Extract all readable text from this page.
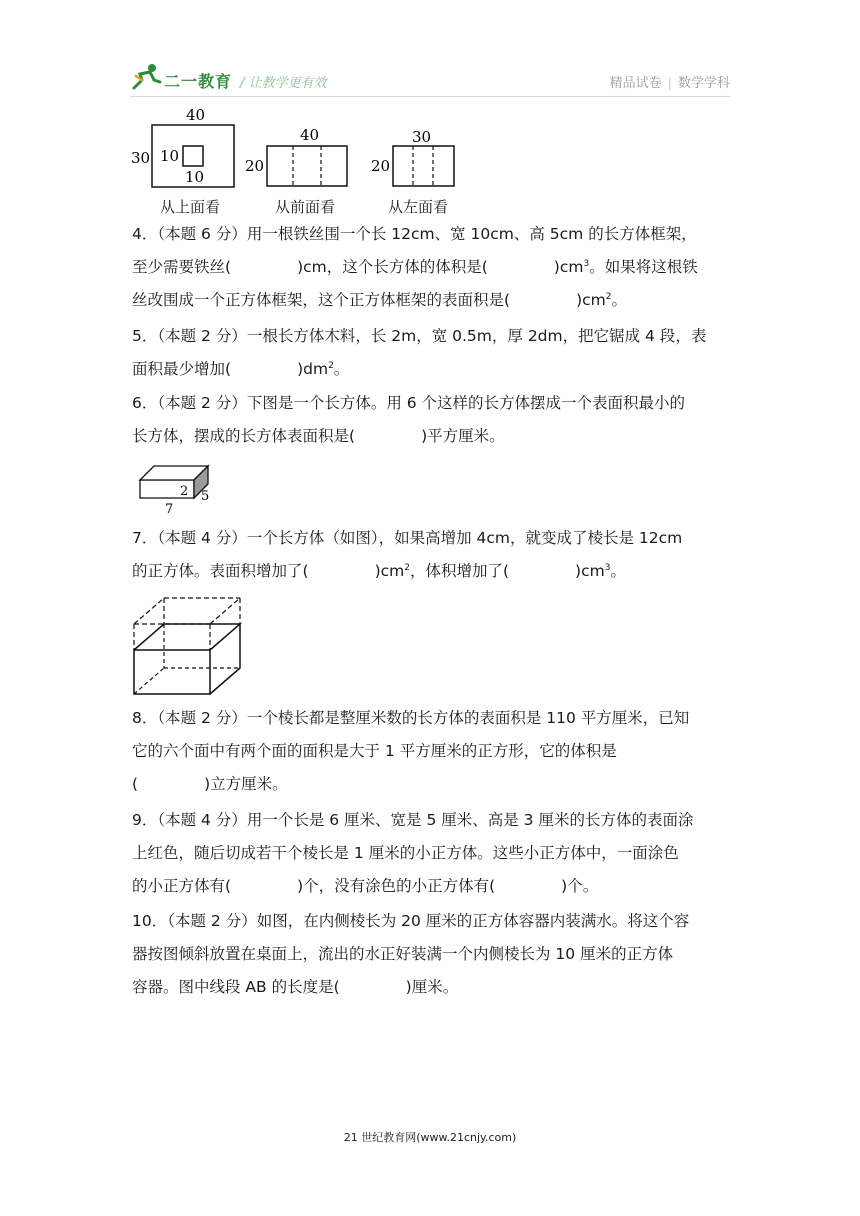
二一教育 / 让教学更有效	精品试卷 | 数学学科
40
30 10
10
40
20
30
20
从上面看	从前面看	从左面看

4．（本题 6 分）用一根铁丝围一个长 12cm、宽 10cm、高 5cm 的长方体框架，

至少需要铁丝(	)cm，这个长方体的体积是(	)$cm^3$。如果将这根铁

丝改围成一个正方体框架，这个正方体框架的表面积是(	)$cm^2$。

5．（本题 2 分）一根长方体木料，长 2m，宽 0.5m，厚 2dm，把它锯成 4 段，表

面积最少增加(	)$dm^2$。

6．（本题 2 分）下图是一个长方体。用 6 个这样的长方体摆成一个表面积最小的

长方体，摆成的长方体表面积是(	)平方厘米。

2 5
7

7．（本题 4 分）一个长方体（如图），如果高增加 4cm，就变成了棱长是 12cm

的正方体。表面积增加了(	)$cm^2$，体积增加了(	)$cm^3$。

8．（本题 2 分）一个棱长都是整厘米数的长方体的表面积是 110 平方厘米，已知

它的六个面中有两个面的面积是大于 1 平方厘米的正方形，它的体积是

(	)立方厘米。

9．（本题 4 分）用一个长是 6 厘米、宽是 5 厘米、高是 3 厘米的长方体的表面涂

上红色，随后切成若干个棱长是 1 厘米的小正方体。这些小正方体中，一面涂色

的小正方体有(	)个，没有涂色的小正方体有(	)个。

10．（本题 2 分）如图，在内侧棱长为 20 厘米的正方体容器内装满水。将这个容

器按图倾斜放置在桌面上，流出的水正好装满一个内侧棱长为 10 厘米的正方体

容器。图中线段 AB 的长度是(	)厘米。

21 世纪教育网(www.21cnjy.com)
